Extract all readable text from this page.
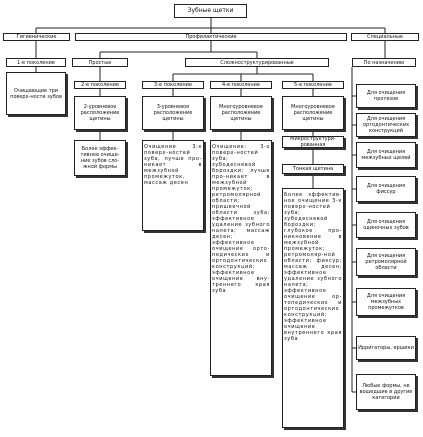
Зубные щетки
Гигиенические	Профилактические	Специальные
1-е поколение
Очищающие три поверх-ности зубов
Простые	Сложноструктурированные
2-е поколение
2-уровневое расположение щетины
Более эффек-тивное очище-ние зубов сло-жной формы
3-е поколение
3-уровневое расположение щетины
Очищение 3-х поверх-ностей зуба, лучше про-никает в межзубной промежуток, массаж десен
4-е поколение
Многоуровневое расположение щетины
Очищение: 3-х поверх-ностей зуба; зубодесневой бороздки; лучше про-никает в межзубной промежуток; ретромолярной области; пришеечной области зуба; эффективное удаление зубного налета; массаж десен; эффективное очищение орто-педических и ортодонтических конструкций; эффективное очищение вну-треннего края зуба
5-е поколение
Многоуровневое расположение щетины
Микроструктури-рованная
Тонкая щетина
Более эффектив-ное очищение 3-х поверх-ностей зуба; зубодесневой бороздки; глубокое про-никновение в межзубной промежуток; ретромоляр-ной области; фиксур; массаж десен; эффективное удаление зубного налета; эффективное очищение ор-топедических и ортодонтических конструкций; эффективное очищение внутреннего края зуба
По назначению
Для очищения протезов
Для очищения ортодонтических конструкций
Для очищения межзубных щелей
Для очищения фиссур
Для очищения одиночных зубов
Для очищения ретромолярной области
Для очищения межзубных промежутков
Ирригаторы, ершики
Любые формы, не вошедшие в другие категории
